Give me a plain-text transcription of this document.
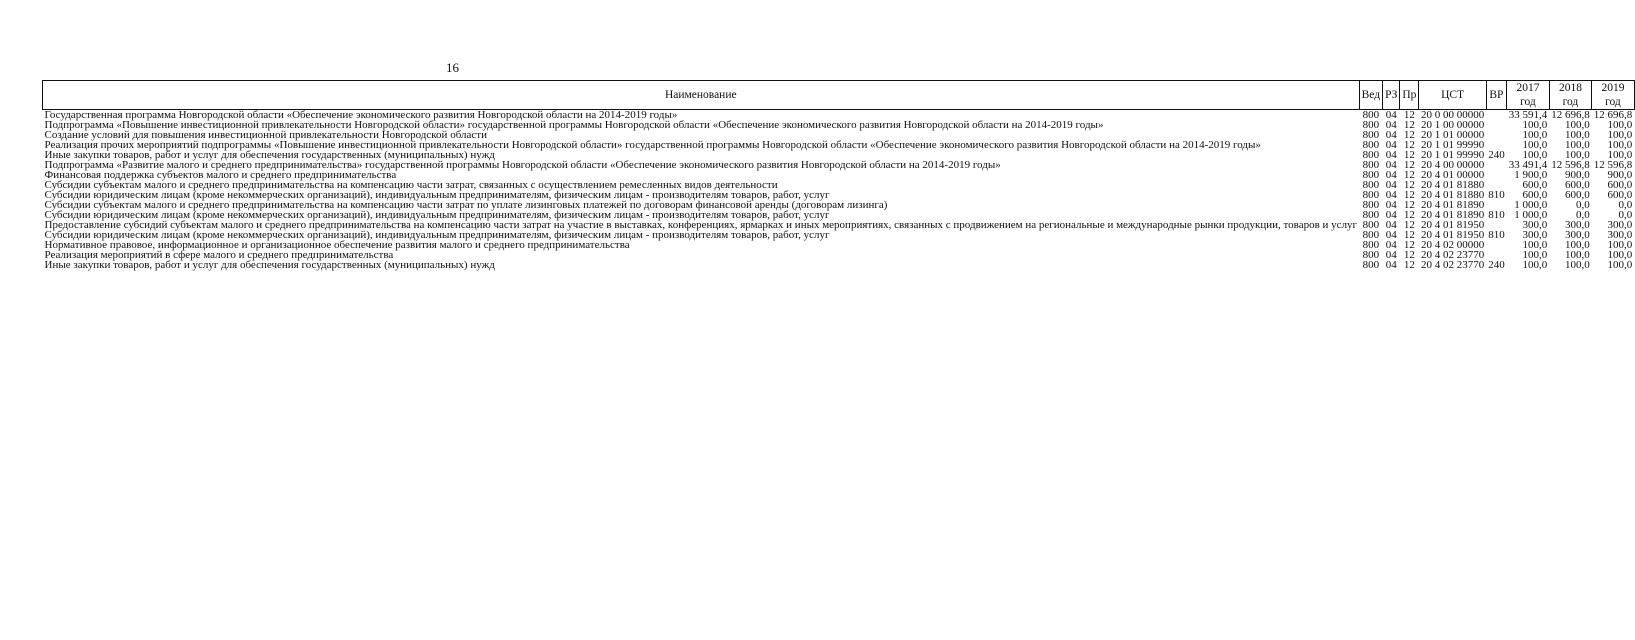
16
Наименование	Вед	РЗ	Пр	ЦСТ	ВР	2017 год	2018 год	2019 год
Государственная программа Новгородской области «Обеспечение экономического развития Новгородской области на 2014-2019 годы»	800	04	12	20 0 00 00000		33 591,4	12 696,8	12 696,8
Подпрограмма «Повышение инвестиционной привлекательности Новгородской области» государственной программы Новгородской области «Обеспечение экономического развития Новгородской области на 2014-2019 годы»	800	04	12	20 1 00 00000		100,0	100,0	100,0
Создание условий для повышения инвестиционной привлекательности Новгородской области	800	04	12	20 1 01 00000		100,0	100,0	100,0
Реализация прочих мероприятий подпрограммы «Повышение инвестиционной привлекательности Новгородской области» государственной программы Новгородской области «Обеспечение экономического развития Новгородской области на 2014-2019 годы»	800	04	12	20 1 01 99990		100,0	100,0	100,0
Иные закупки товаров, работ и услуг для обеспечения государственных (муниципальных) нужд	800	04	12	20 1 01 99990	240	100,0	100,0	100,0
Подпрограмма «Развитие малого и среднего предпринимательства» государственной программы Новгородской области «Обеспечение экономического развития Новгородской области на 2014-2019 годы»	800	04	12	20 4 00 00000		33 491,4	12 596,8	12 596,8
Финансовая поддержка субъектов малого и среднего предпринимательства	800	04	12	20 4 01 00000		1 900,0	900,0	900,0
Субсидии субъектам малого и среднего предпринимательства на компенсацию части затрат, связанных с осуществлением ремесленных видов деятельности	800	04	12	20 4 01 81880		600,0	600,0	600,0
Субсидии юридическим лицам (кроме некоммерческих организаций), индивидуальным предпринимателям, физическим лицам - производителям товаров, работ, услуг	800	04	12	20 4 01 81880	810	600,0	600,0	600,0
Субсидии субъектам малого и среднего предпринимательства на компенсацию части затрат по уплате лизинговых платежей по договорам финансовой аренды (договорам лизинга)	800	04	12	20 4 01 81890		1 000,0	0,0	0,0
Субсидии юридическим лицам (кроме некоммерческих организаций), индивидуальным предпринимателям, физическим лицам - производителям товаров, работ, услуг	800	04	12	20 4 01 81890	810	1 000,0	0,0	0,0
Предоставление субсидий субъектам малого и среднего предпринимательства на компенсацию части затрат на участие в выставках, конференциях, ярмарках и иных мероприятиях, связанных с продвижением на региональные и международные рынки продукции, товаров и услуг	800	04	12	20 4 01 81950		300,0	300,0	300,0
Субсидии юридическим лицам (кроме некоммерческих организаций), индивидуальным предпринимателям, физическим лицам - производителям товаров, работ, услуг	800	04	12	20 4 01 81950	810	300,0	300,0	300,0
Нормативное правовое, информационное и организационное обеспечение развития малого и среднего предпринимательства	800	04	12	20 4 02 00000		100,0	100,0	100,0
Реализация мероприятий в сфере малого и среднего предпринимательства	800	04	12	20 4 02 23770		100,0	100,0	100,0
Иные закупки товаров, работ и услуг для обеспечения государственных (муниципальных) нужд	800	04	12	20 4 02 23770	240	100,0	100,0	100,0
